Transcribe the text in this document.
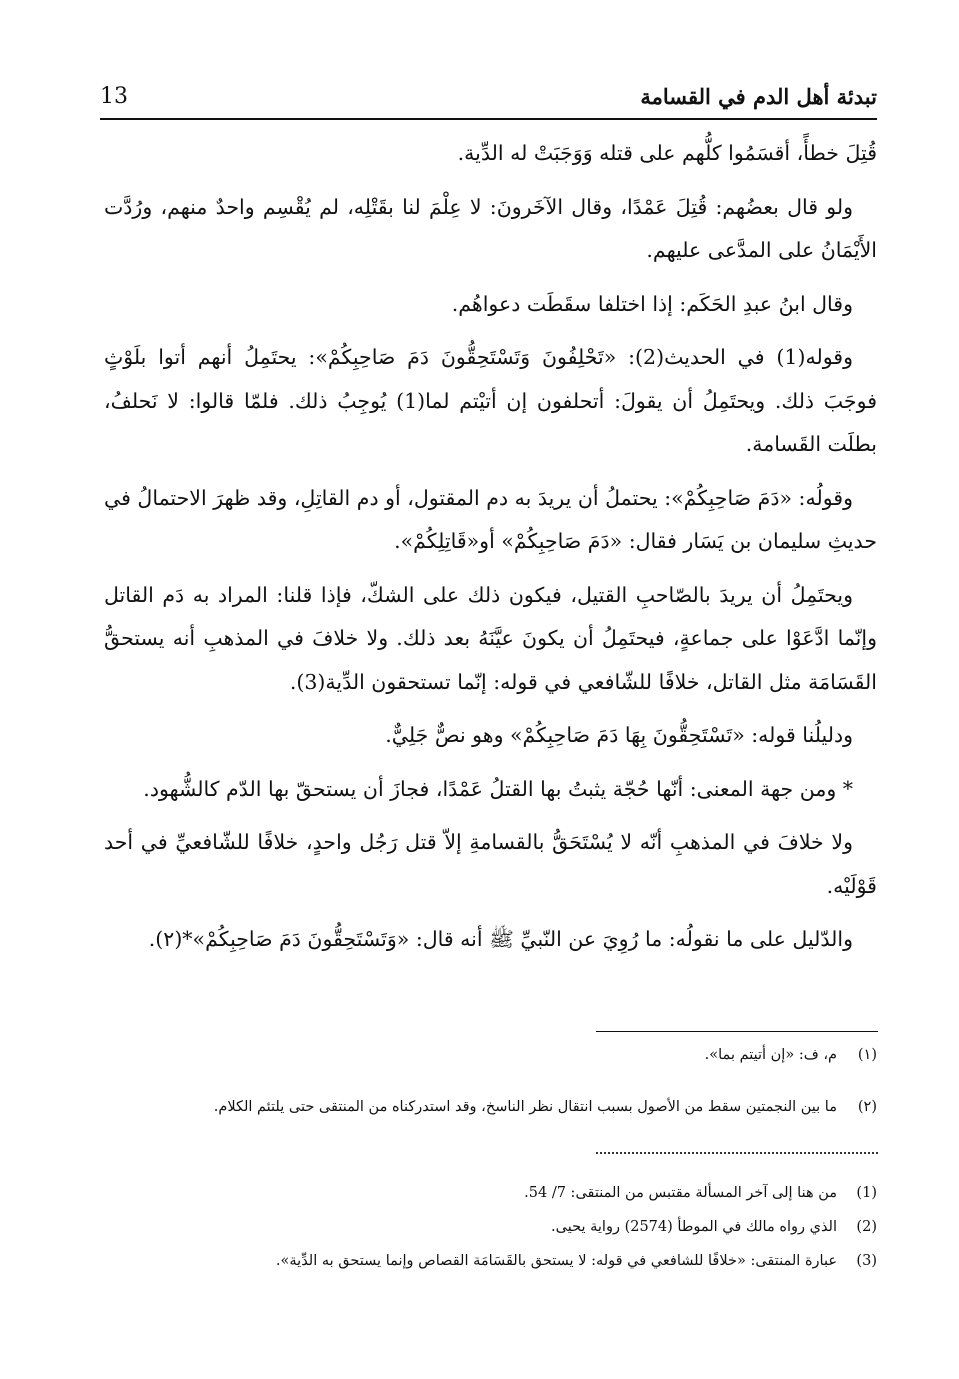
13	تبدئة أهل الدم في القسامة

قُتِلَ خطأً، أقسَمُوا كلُّهم على قتله وَوَجَبَتْ له الدِّية.

ولو قال بعضُهم: قُتِلَ عَمْدًا، وقال الآخَرونَ: لا عِلْمَ لنا بقَتْلِه، لم يُقْسِم واحدٌ منهم، ورُدَّت الأَيْمَانُ على المدَّعى عليهم.

وقال ابنُ عبدِ الحَكَم: إذا اختلفا سقَطَت دعواهُم.

وقوله(1) في الحديث(2): «تَحْلِفُونَ وَتَسْتَحِقُّونَ دَمَ صَاحِبِكُمْ»: يحتَمِلُ أنهم أتوا بلَوْثٍ فوجَبَ ذلك. ويحتَمِلُ أن يقولَ: أتحلفون إن أتيْتم لما(1) يُوجِبُ ذلك. فلمّا قالوا: لا نَحلفُ، بطلَت القَسامة.

وقولُه: «دَمَ صَاحِبِكُمْ»: يحتملُ أن يريدَ به دم المقتول، أو دم القاتِلِ، وقد ظهرَ الاحتمالُ في حديثِ سليمان بن يَسَار فقال: «دَمَ صَاحِبِكُمْ» أو«قَاتِلِكُمْ».

ويحتَمِلُ أن يريدَ بالصّاحبِ القتيل، فيكون ذلك على الشكّ، فإذا قلنا: المراد به دَم القاتل وإنّما ادَّعَوْا على جماعةٍ، فيحتَمِلُ أن يكونَ عيَّنَهُ بعد ذلك. ولا خلافَ في المذهبِ أنه يستحقُّ القَسَامَة مثل القاتل، خلافًا للشّافعي في قوله: إنّما تستحقون الدِّية(3).

ودليلُنا قوله: «تَسْتَحِقُّونَ بِهَا دَمَ صَاحِبِكُمْ» وهو نصٌّ جَلِيٌّ.

* ومن جهة المعنى: أنّها حُجّة يثبتُ بها القتلُ عَمْدًا، فجازَ أن يستحقّ بها الدّم كالشُّهود.

ولا خلافَ في المذهبِ أنّه لا يُسْتَحَقُّ بالقسامةِ إلاّ قتل رَجُل واحدٍ، خلافًا للشّافعيِّ في أحد قَوْلَيْه.

والدّليل على ما نقولُه: ما رُوِيَ عن النّبيِّ ﷺ أنه قال: «وَتَسْتَحِقُّونَ دَمَ صَاحِبِكُمْ»*(٢).

(١)
م، ف: «إن أتيتم بما».
(٢)
ما بين النجمتين سقط من الأصول بسبب انتقال نظر الناسخ، وقد استدركناه من المنتقى حتى يلتئم الكلام.
(1)
من هنا إلى آخر المسألة مقتبس من المنتقى: 7/ 54.
(2)
الذي رواه مالك في الموطأ (2574) رواية يحيى.
(3)
عبارة المنتقى: «خلافًا للشافعي في قوله: لا يستحق بالقَسَامَة القصاص وإنما يستحق به الدِّية».
